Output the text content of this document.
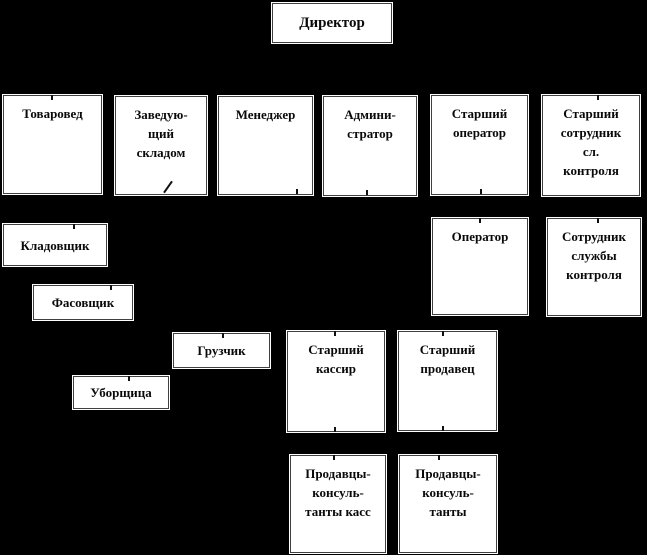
Директор
Товаровед	Заведую-
щий
складом
Менеджер	Админи-
стратор
Старший
оператор
Старший
сотрудник
сл.
контроля
Кладовщик
Оператор	Сотрудник
службы
контроля
Фасовщик
Грузчик	Старший
кассир
Старший
продавец
Уборщица
Продавцы-
консуль-
танты касс
Продавцы-
консуль-
танты
